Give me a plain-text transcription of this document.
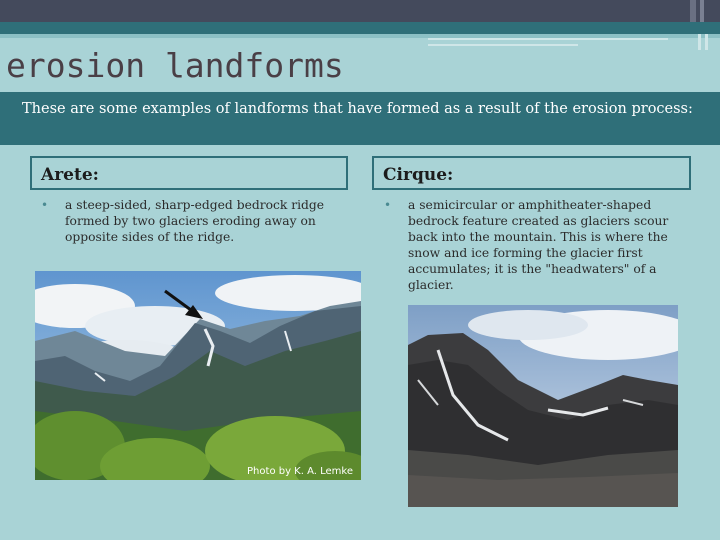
erosion landforms
These are some examples of landforms that have formed as a result of the erosion process:
Arete:
• a steep-sided, sharp-edged bedrock ridge formed by two glaciers eroding away on opposite sides of the ridge.
Photo by K. A. Lemke
Cirque:
• a semicircular or amphitheater-shaped bedrock feature created as glaciers scour back into the mountain. This is where the snow and ice forming the glacier first accumulates; it is the "headwaters" of a glacier.
